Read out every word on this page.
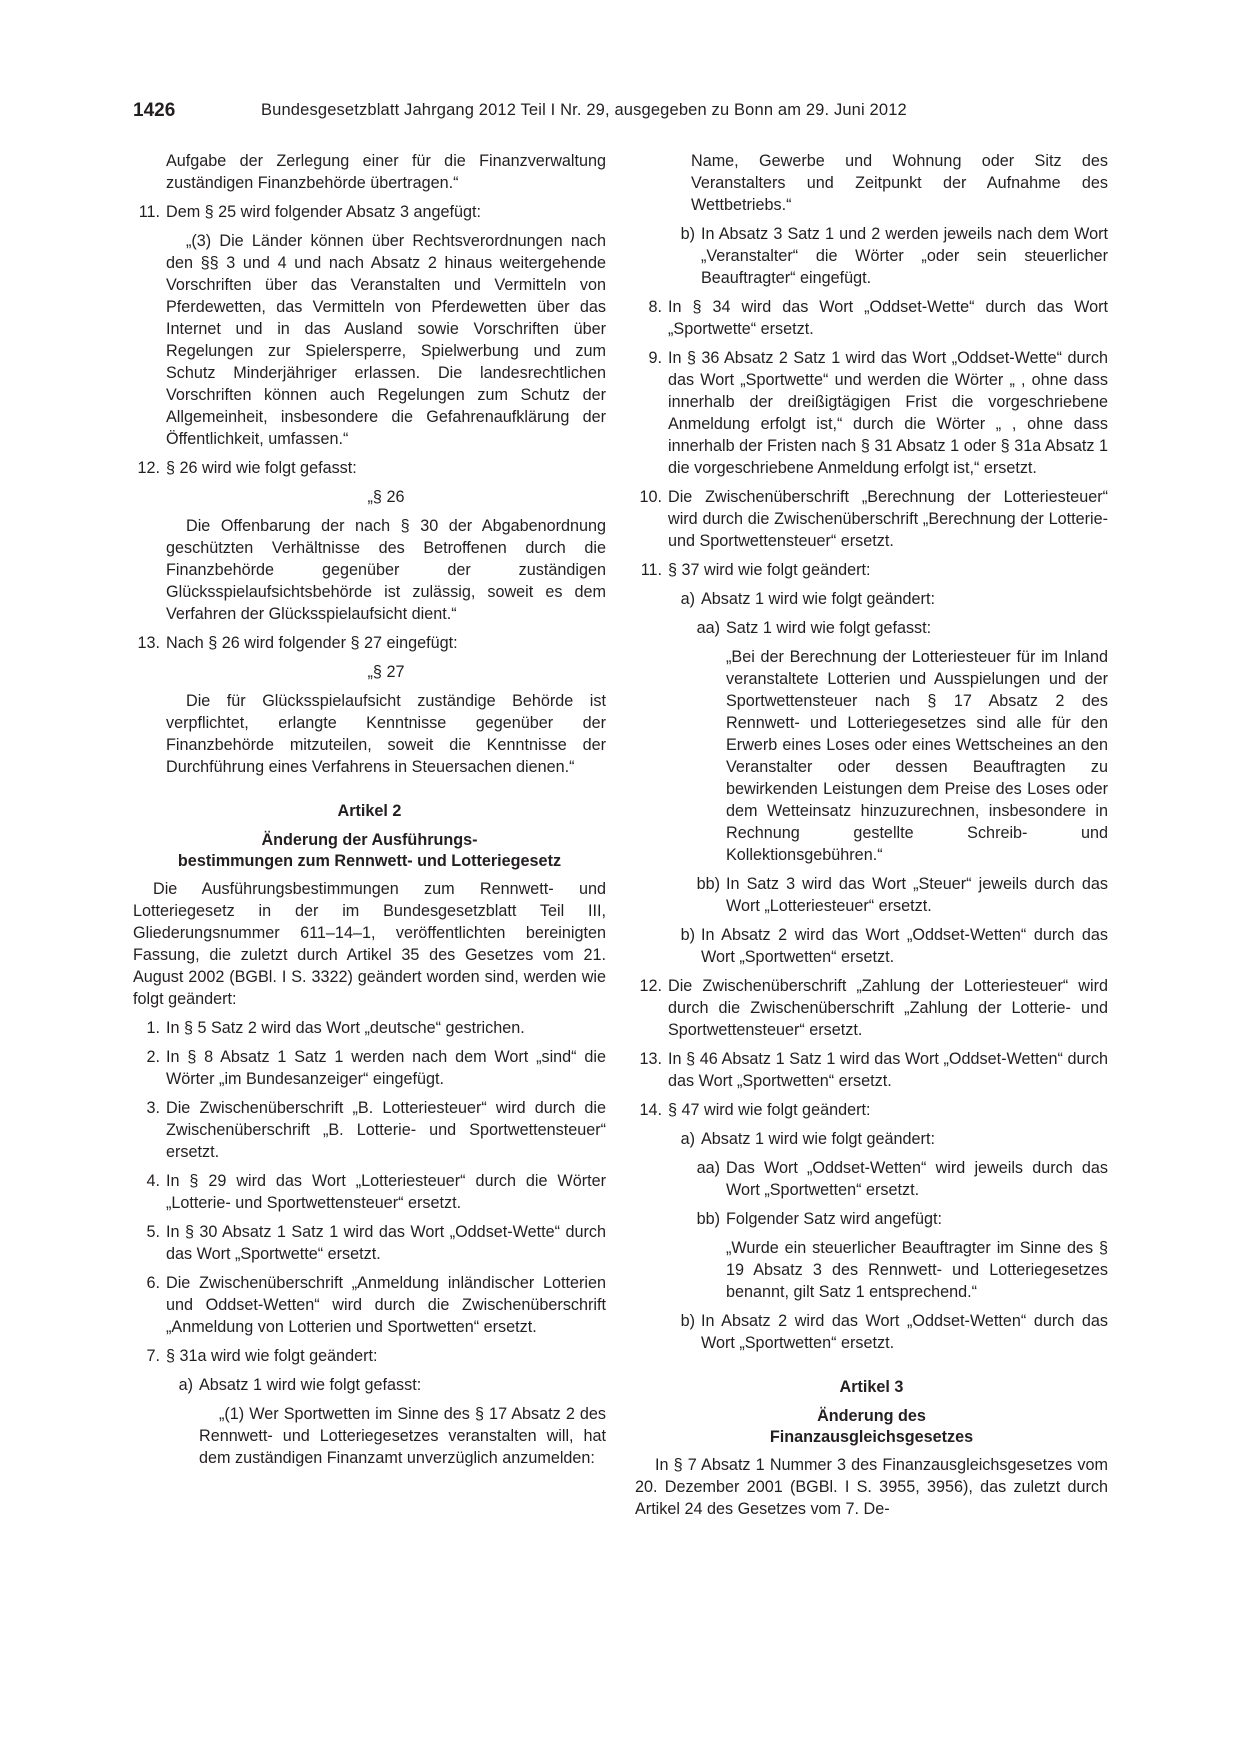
1426	Bundesgesetzblatt Jahrgang 2012 Teil I Nr. 29, ausgegeben zu Bonn am 29. Juni 2012
Aufgabe der Zerlegung einer für die Finanzverwaltung zuständigen Finanzbehörde übertragen.“
11. Dem § 25 wird folgender Absatz 3 angefügt:
„(3) Die Länder können über Rechtsverordnungen nach den §§ 3 und 4 und nach Absatz 2 hinaus weitergehende Vorschriften über das Veranstalten und Vermitteln von Pferdewetten, das Vermitteln von Pferdewetten über das Internet und in das Ausland sowie Vorschriften über Regelungen zur Spielersperre, Spielwerbung und zum Schutz Minderjähriger erlassen. Die landesrechtlichen Vorschriften können auch Regelungen zum Schutz der Allgemeinheit, insbesondere die Gefahrenaufklärung der Öffentlichkeit, umfassen.“
12. § 26 wird wie folgt gefasst:
„§ 26
Die Offenbarung der nach § 30 der Abgabenordnung geschützten Verhältnisse des Betroffenen durch die Finanzbehörde gegenüber der zuständigen Glücksspielaufsichtsbehörde ist zulässig, soweit es dem Verfahren der Glücksspielaufsicht dient.“
13. Nach § 26 wird folgender § 27 eingefügt:
„§ 27
Die für Glücksspielaufsicht zuständige Behörde ist verpflichtet, erlangte Kenntnisse gegenüber der Finanzbehörde mitzuteilen, soweit die Kenntnisse der Durchführung eines Verfahrens in Steuersachen dienen.“
Artikel 2
Änderung der Ausführungs-
bestimmungen zum Rennwett- und Lotteriegesetz
Die Ausführungsbestimmungen zum Rennwett- und Lotteriegesetz in der im Bundesgesetzblatt Teil III, Gliederungsnummer 611–14–1, veröffentlichten bereinigten Fassung, die zuletzt durch Artikel 35 des Gesetzes vom 21. August 2002 (BGBl. I S. 3322) geändert worden sind, werden wie folgt geändert:
1. In § 5 Satz 2 wird das Wort „deutsche“ gestrichen.
2. In § 8 Absatz 1 Satz 1 werden nach dem Wort „sind“ die Wörter „im Bundesanzeiger“ eingefügt.
3. Die Zwischenüberschrift „B. Lotteriesteuer“ wird durch die Zwischenüberschrift „B. Lotterie- und Sportwettensteuer“ ersetzt.
4. In § 29 wird das Wort „Lotteriesteuer“ durch die Wörter „Lotterie- und Sportwettensteuer“ ersetzt.
5. In § 30 Absatz 1 Satz 1 wird das Wort „Oddset-Wette“ durch das Wort „Sportwette“ ersetzt.
6. Die Zwischenüberschrift „Anmeldung inländischer Lotterien und Oddset-Wetten“ wird durch die Zwischenüberschrift „Anmeldung von Lotterien und Sportwetten“ ersetzt.
7. § 31a wird wie folgt geändert:
a) Absatz 1 wird wie folgt gefasst:
„(1) Wer Sportwetten im Sinne des § 17 Absatz 2 des Rennwett- und Lotteriegesetzes veranstalten will, hat dem zuständigen Finanzamt unverzüglich anzumelden:
Name, Gewerbe und Wohnung oder Sitz des Veranstalters und Zeitpunkt der Aufnahme des Wettbetriebs.“
b) In Absatz 3 Satz 1 und 2 werden jeweils nach dem Wort „Veranstalter“ die Wörter „oder sein steuerlicher Beauftragter“ eingefügt.
8. In § 34 wird das Wort „Oddset-Wette“ durch das Wort „Sportwette“ ersetzt.
9. In § 36 Absatz 2 Satz 1 wird das Wort „Oddset-Wette“ durch das Wort „Sportwette“ und werden die Wörter „ , ohne dass innerhalb der dreißigtägigen Frist die vorgeschriebene Anmeldung erfolgt ist,“ durch die Wörter „ , ohne dass innerhalb der Fristen nach § 31 Absatz 1 oder § 31a Absatz 1 die vorgeschriebene Anmeldung erfolgt ist,“ ersetzt.
10. Die Zwischenüberschrift „Berechnung der Lotteriesteuer“ wird durch die Zwischenüberschrift „Berechnung der Lotterie- und Sportwettensteuer“ ersetzt.
11. § 37 wird wie folgt geändert:
a) Absatz 1 wird wie folgt geändert:
aa) Satz 1 wird wie folgt gefasst:
„Bei der Berechnung der Lotteriesteuer für im Inland veranstaltete Lotterien und Ausspielungen und der Sportwettensteuer nach § 17 Absatz 2 des Rennwett- und Lotteriegesetzes sind alle für den Erwerb eines Loses oder eines Wettscheines an den Veranstalter oder dessen Beauftragten zu bewirkenden Leistungen dem Preise des Loses oder dem Wetteinsatz hinzuzurechnen, insbesondere in Rechnung gestellte Schreib- und Kollektionsgebühren.“
bb) In Satz 3 wird das Wort „Steuer“ jeweils durch das Wort „Lotteriesteuer“ ersetzt.
b) In Absatz 2 wird das Wort „Oddset-Wetten“ durch das Wort „Sportwetten“ ersetzt.
12. Die Zwischenüberschrift „Zahlung der Lotteriesteuer“ wird durch die Zwischenüberschrift „Zahlung der Lotterie- und Sportwettensteuer“ ersetzt.
13. In § 46 Absatz 1 Satz 1 wird das Wort „Oddset-Wetten“ durch das Wort „Sportwetten“ ersetzt.
14. § 47 wird wie folgt geändert:
a) Absatz 1 wird wie folgt geändert:
aa) Das Wort „Oddset-Wetten“ wird jeweils durch das Wort „Sportwetten“ ersetzt.
bb) Folgender Satz wird angefügt:
„Wurde ein steuerlicher Beauftragter im Sinne des § 19 Absatz 3 des Rennwett- und Lotteriegesetzes benannt, gilt Satz 1 entsprechend.“
b) In Absatz 2 wird das Wort „Oddset-Wetten“ durch das Wort „Sportwetten“ ersetzt.
Artikel 3
Änderung des
Finanzausgleichsgesetzes
In § 7 Absatz 1 Nummer 3 des Finanzausgleichsgesetzes vom 20. Dezember 2001 (BGBl. I S. 3955, 3956), das zuletzt durch Artikel 24 des Gesetzes vom 7. De-
